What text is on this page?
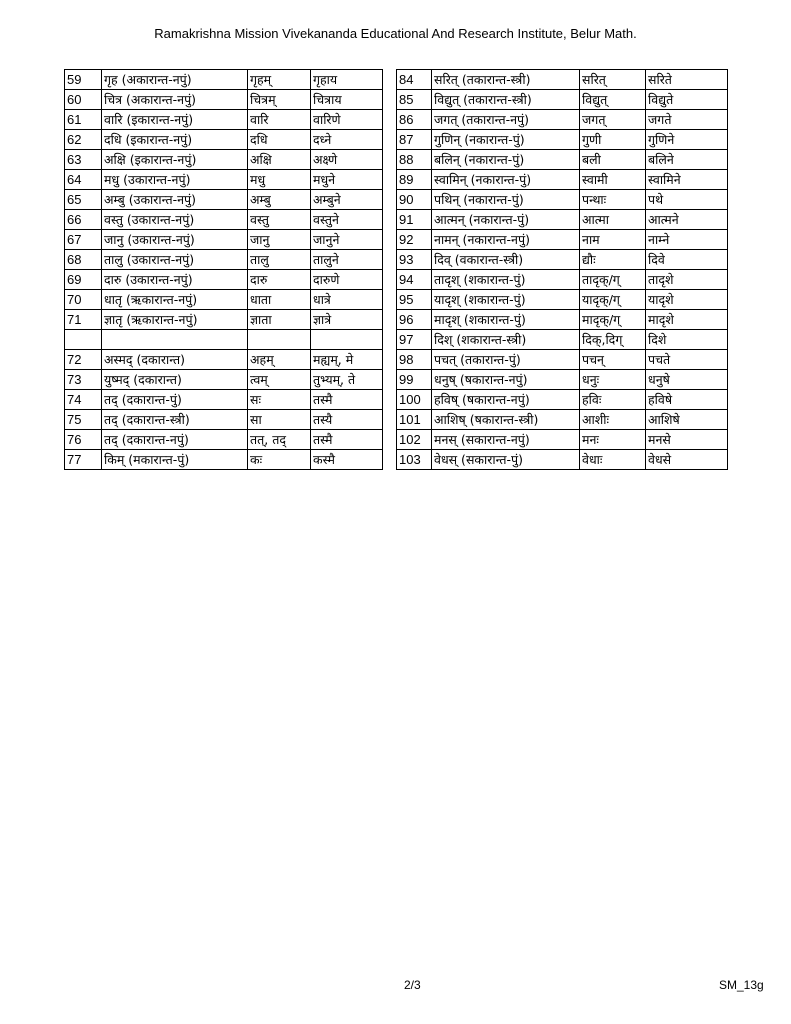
Ramakrishna Mission Vivekananda Educational And Research Institute, Belur Math.
59	गृह (अकारान्त-नपुं)	गृहम्	गृहाय
60	चित्र (अकारान्त-नपुं)	चित्रम्	चित्राय
61	वारि (इकारान्त-नपुं)	वारि	वारिणे
62	दधि (इकारान्त-नपुं)	दधि	दध्ने
63	अक्षि (इकारान्त-नपुं)	अक्षि	अक्ष्णे
64	मधु (उकारान्त-नपुं)	मधु	मधुने
65	अम्बु (उकारान्त-नपुं)	अम्बु	अम्बुने
66	वस्तु (उकारान्त-नपुं)	वस्तु	वस्तुने
67	जानु (उकारान्त-नपुं)	जानु	जानुने
68	तालु (उकारान्त-नपुं)	तालु	तालुने
69	दारु (उकारान्त-नपुं)	दारु	दारुणे
70	धातृ (ऋकारान्त-नपुं)	धाता	धात्रे
71	ज्ञातृ (ऋकारान्त-नपुं)	ज्ञाता	ज्ञात्रे

72	अस्मद् (दकारान्त)	अहम्	मह्यम्, मे
73	युष्मद् (दकारान्त)	त्वम्	तुभ्यम्, ते
74	तद् (दकारान्त-पुं)	सः	तस्मै
75	तद् (दकारान्त-स्त्री)	सा	तस्यै
76	तद् (दकारान्त-नपुं)	तत्, तद्	तस्मै
77	किम् (मकारान्त-पुं)	कः	कस्मै
84	सरित् (तकारान्त-स्त्री)	सरित्	सरिते
85	विद्युत् (तकारान्त-स्त्री)	विद्युत्	विद्युते
86	जगत् (तकारान्त-नपुं)	जगत्	जगते
87	गुणिन् (नकारान्त-पुं)	गुणी	गुणिने
88	बलिन् (नकारान्त-पुं)	बली	बलिने
89	स्वामिन् (नकारान्त-पुं)	स्वामी	स्वामिने
90	पथिन् (नकारान्त-पुं)	पन्थाः	पथे
91	आत्मन् (नकारान्त-पुं)	आत्मा	आत्मने
92	नामन् (नकारान्त-नपुं)	नाम	नाम्ने
93	दिव् (वकारान्त-स्त्री)	द्यौः	दिवे
94	तादृश् (शकारान्त-पुं)	तादृक्/ग्	तादृशे
95	यादृश् (शकारान्त-पुं)	यादृक्/ग्	यादृशे
96	मादृश् (शकारान्त-पुं)	मादृक्/ग्	मादृशे
97	दिश् (शकारान्त-स्त्री)	दिक्,दिग्	दिशे
98	पचत् (तकारान्त-पुं)	पचन्	पचते
99	धनुष् (षकारान्त-नपुं)	धनुः	धनुषे
100	हविष् (षकारान्त-नपुं)	हविः	हविषे
101	आशिष् (षकारान्त-स्त्री)	आशीः	आशिषे
102	मनस् (सकारान्त-नपुं)	मनः	मनसे
103	वेधस् (सकारान्त-पुं)	वेधाः	वेधसे
2/3	SM_13g
